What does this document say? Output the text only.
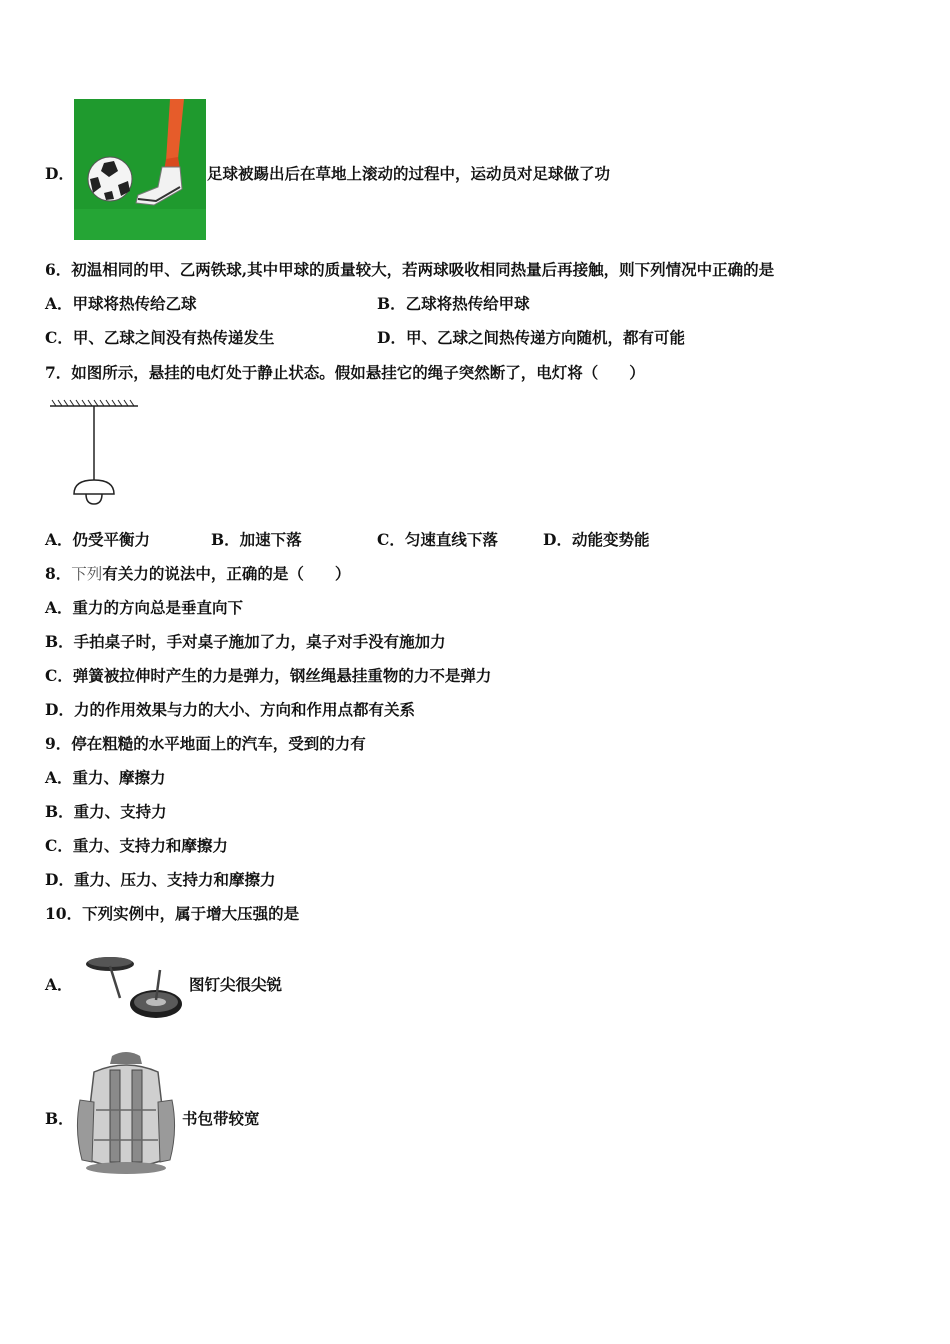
D．	足球被踢出后在草地上滚动的过程中，运动员对足球做了功
6．初温相同的甲、乙两铁球,其中甲球的质量较大，若两球吸收相同热量后再接触，则下列情况中正确的是
A．甲球将热传给乙球	B．乙球将热传给甲球
C．甲、乙球之间没有热传递发生	D．甲、乙球之间热传递方向随机，都有可能
7．如图所示，悬挂的电灯处于静止状态。假如悬挂它的绳子突然断了，电灯将（　　）
A．仍受平衡力	B．加速下落	C．匀速直线下落	D．动能变势能
8．下列有关力的说法中，正确的是（　　）
A．重力的方向总是垂直向下
B．手拍桌子时，手对桌子施加了力，桌子对手没有施加力
C．弹簧被拉伸时产生的力是弹力，钢丝绳悬挂重物的力不是弹力
D．力的作用效果与力的大小、方向和作用点都有关系
9．停在粗糙的水平地面上的汽车，受到的力有
A．重力、摩擦力
B．重力、支持力
C．重力、支持力和摩擦力
D．重力、压力、支持力和摩擦力
10．下列实例中，属于增大压强的是
A．	图钉尖很尖锐
B．	书包带较宽
